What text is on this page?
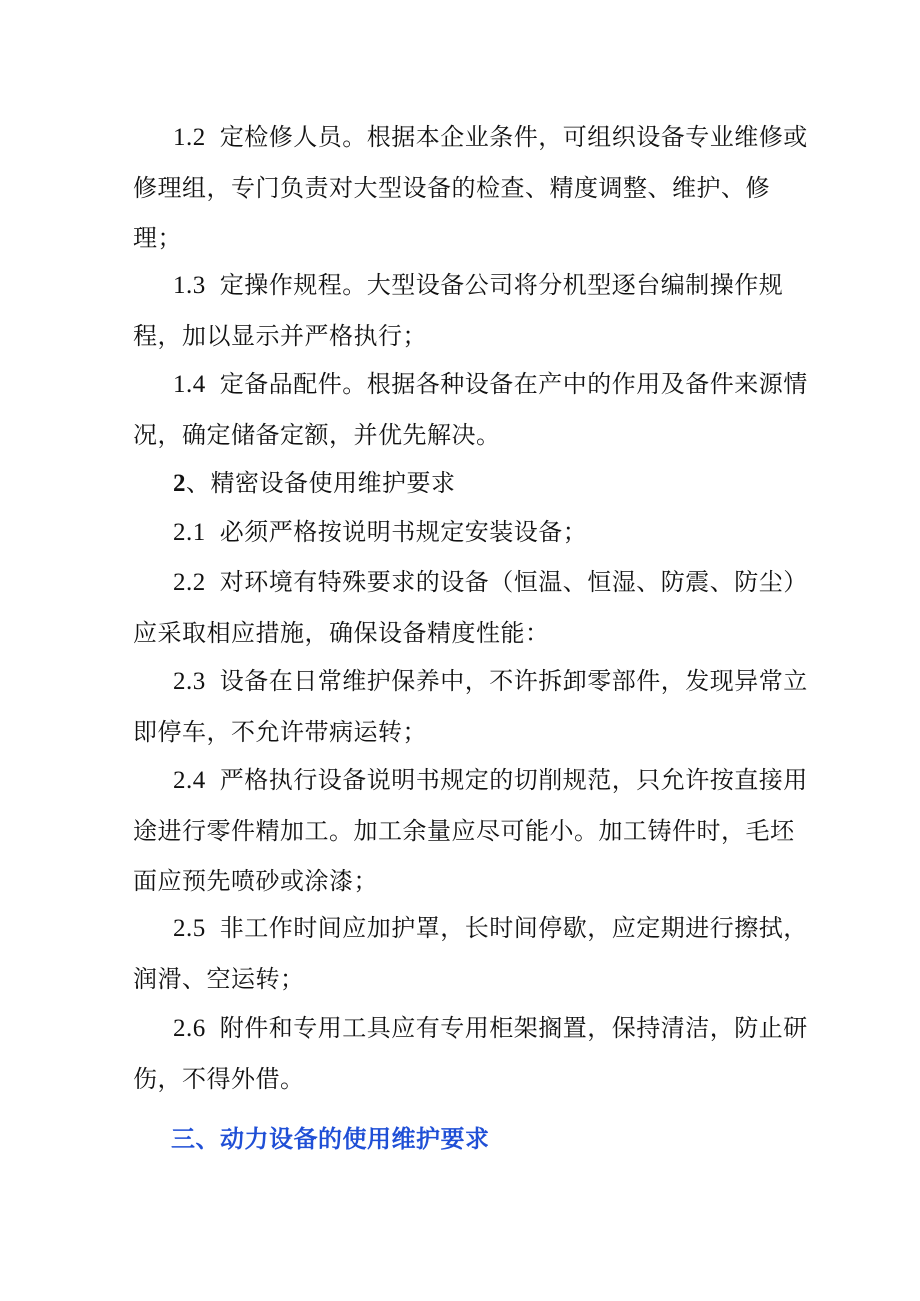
1.2 定检修人员。根据本企业条件，可组织设备专业维修或修理组，专门负责对大型设备的检查、精度调整、维护、修理；

1.3 定操作规程。大型设备公司将分机型逐台编制操作规程，加以显示并严格执行；

1.4 定备品配件。根据各种设备在产中的作用及备件来源情况，确定储备定额，并优先解决。

2、精密设备使用维护要求

2.1 必须严格按说明书规定安装设备；

2.2 对环境有特殊要求的设备（恒温、恒湿、防震、防尘）应采取相应措施，确保设备精度性能：

2.3 设备在日常维护保养中，不许拆卸零部件，发现异常立即停车，不允许带病运转；

2.4 严格执行设备说明书规定的切削规范，只允许按直接用途进行零件精加工。加工余量应尽可能小。加工铸件时，毛坯面应预先喷砂或涂漆；

2.5 非工作时间应加护罩，长时间停歇，应定期进行擦拭，润滑、空运转；

2.6 附件和专用工具应有专用柜架搁置，保持清洁，防止研伤，不得外借。

三、动力设备的使用维护要求
